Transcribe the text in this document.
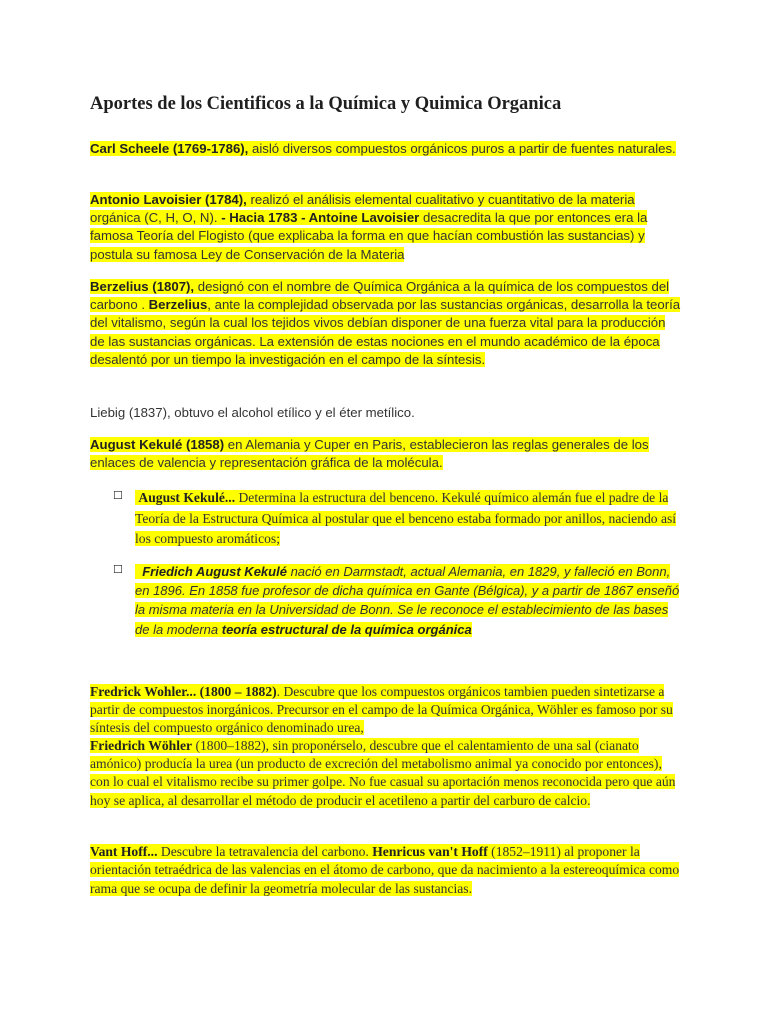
Aportes de los Cientificos a la Química y Quimica Organica
Carl Scheele (1769-1786), aisló diversos compuestos orgánicos puros a partir de fuentes naturales.
Antonio Lavoisier (1784), realizó el análisis elemental cualitativo y cuantitativo de la materia orgánica (C, H, O, N). - Hacia 1783 - Antoine Lavoisier desacredita la que por entonces era la famosa Teoría del Flogisto (que explicaba la forma en que hacían combustión las sustancias) y postula su famosa Ley de Conservación de la Materia
Berzelius (1807), designó con el nombre de Química Orgánica a la química de los compuestos del carbono . Berzelius, ante la complejidad observada por las sustancias orgánicas, desarrolla la teoría del vitalismo, según la cual los tejidos vivos debían disponer de una fuerza vital para la producción de las sustancias orgánicas. La extensión de estas nociones en el mundo académico de la época desalentó por un tiempo la investigación en el campo de la síntesis.
Liebig (1837), obtuvo el alcohol etílico y el éter metílico.
August Kekulé (1858) en Alemania y Cuper en Paris, establecieron las reglas generales de los enlaces de valencia y representación gráfica de la molécula.
☐ August Kekulé... Determina la estructura del benceno. Kekulé químico alemán fue el padre de la Teoría de la Estructura Química al postular que el benceno estaba formado por anillos, naciendo así los compuesto aromáticos;
☐	Friedich August Kekulé nació en Darmstadt, actual Alemania, en 1829, y falleció en Bonn, en 1896. En 1858 fue profesor de dicha química en Gante (Bélgica), y a partir de 1867 enseñó la misma materia en la Universidad de Bonn. Se le reconoce el establecimiento de las bases de la moderna teoría estructural de la química orgánica
Fredrick Wohler... (1800 – 1882). Descubre que los compuestos orgánicos tambien pueden sintetizarse a partir de compuestos inorgánicos. Precursor en el campo de la Química Orgánica, Wöhler es famoso por su síntesis del compuesto orgánico denominado urea,
Friedrich Wöhler (1800–1882), sin proponérselo, descubre que el calentamiento de una sal (cianato amónico) producía la urea (un producto de excreción del metabolismo animal ya conocido por entonces), con lo cual el vitalismo recibe su primer golpe. No fue casual su aportación menos reconocida pero que aún hoy se aplica, al desarrollar el método de producir el acetileno a partir del carburo de calcio.
Vant Hoff... Descubre la tetravalencia del carbono. Henricus van't Hoff (1852–1911) al proponer la orientación tetraédrica de las valencias en el átomo de carbono, que da nacimiento a la estereoquímica como rama que se ocupa de definir la geometría molecular de las sustancias.
